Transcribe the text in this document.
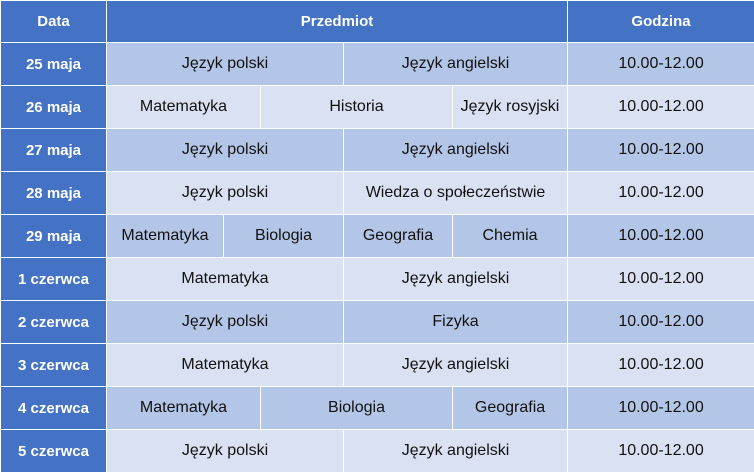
Data	Przedmiot					Godzina
25 maja	Język polski			Język angielski		10.00-12.00
26 maja	Matematyka		Historia		Język rosyjski	10.00-12.00
27 maja	Język polski			Język angielski		10.00-12.00
28 maja	Język polski			Wiedza o społeczeństwie		10.00-12.00
29 maja	Matematyka	Biologia		Geografia	Chemia	10.00-12.00
1 czerwca	Matematyka			Język angielski		10.00-12.00
2 czerwca	Język polski			Fizyka		10.00-12.00
3 czerwca	Matematyka			Język angielski		10.00-12.00
4 czerwca	Matematyka		Biologia		Geografia	10.00-12.00
5 czerwca	Język polski			Język angielski		10.00-12.00
